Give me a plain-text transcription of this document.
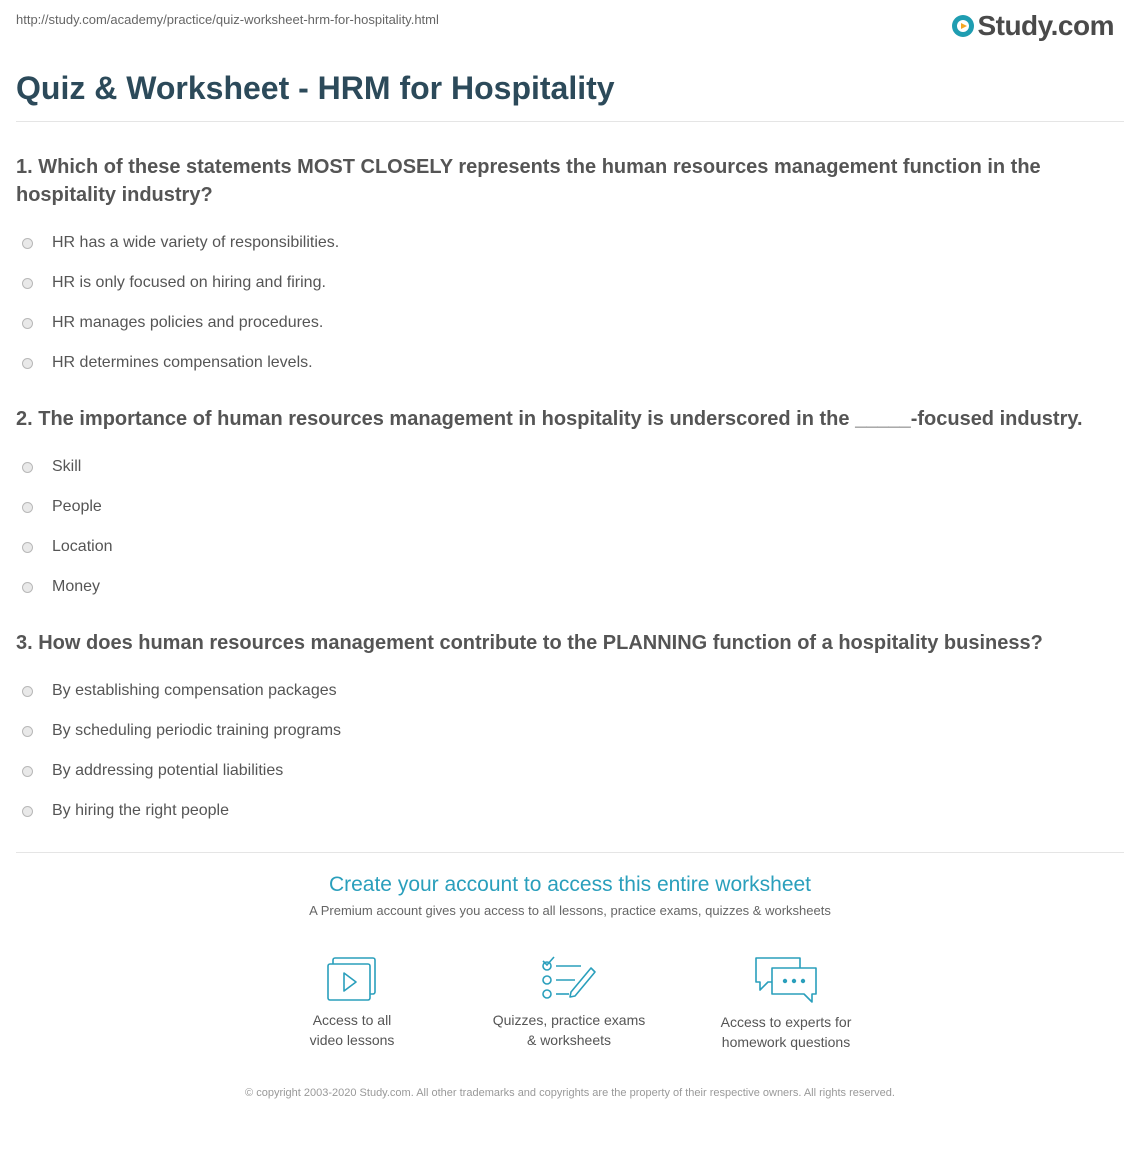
http://study.com/academy/practice/quiz-worksheet-hrm-for-hospitality.html	Study.com
Quiz & Worksheet - HRM for Hospitality

1. Which of these statements MOST CLOSELY represents the human resources management function in the hospitality industry?

HR has a wide variety of responsibilities.
HR is only focused on hiring and firing.
HR manages policies and procedures.
HR determines compensation levels.

2. The importance of human resources management in hospitality is underscored in the _____-focused industry.

Skill
People
Location
Money

3. How does human resources management contribute to the PLANNING function of a hospitality business?

By establishing compensation packages
By scheduling periodic training programs
By addressing potential liabilities
By hiring the right people
Create your account to access this entire worksheet
A Premium account gives you access to all lessons, practice exams, quizzes & worksheets
Access to all
video lessons
Quizzes, practice exams
& worksheets
Access to experts for
homework questions
© copyright 2003-2020 Study.com. All other trademarks and copyrights are the property of their respective owners. All rights reserved.
